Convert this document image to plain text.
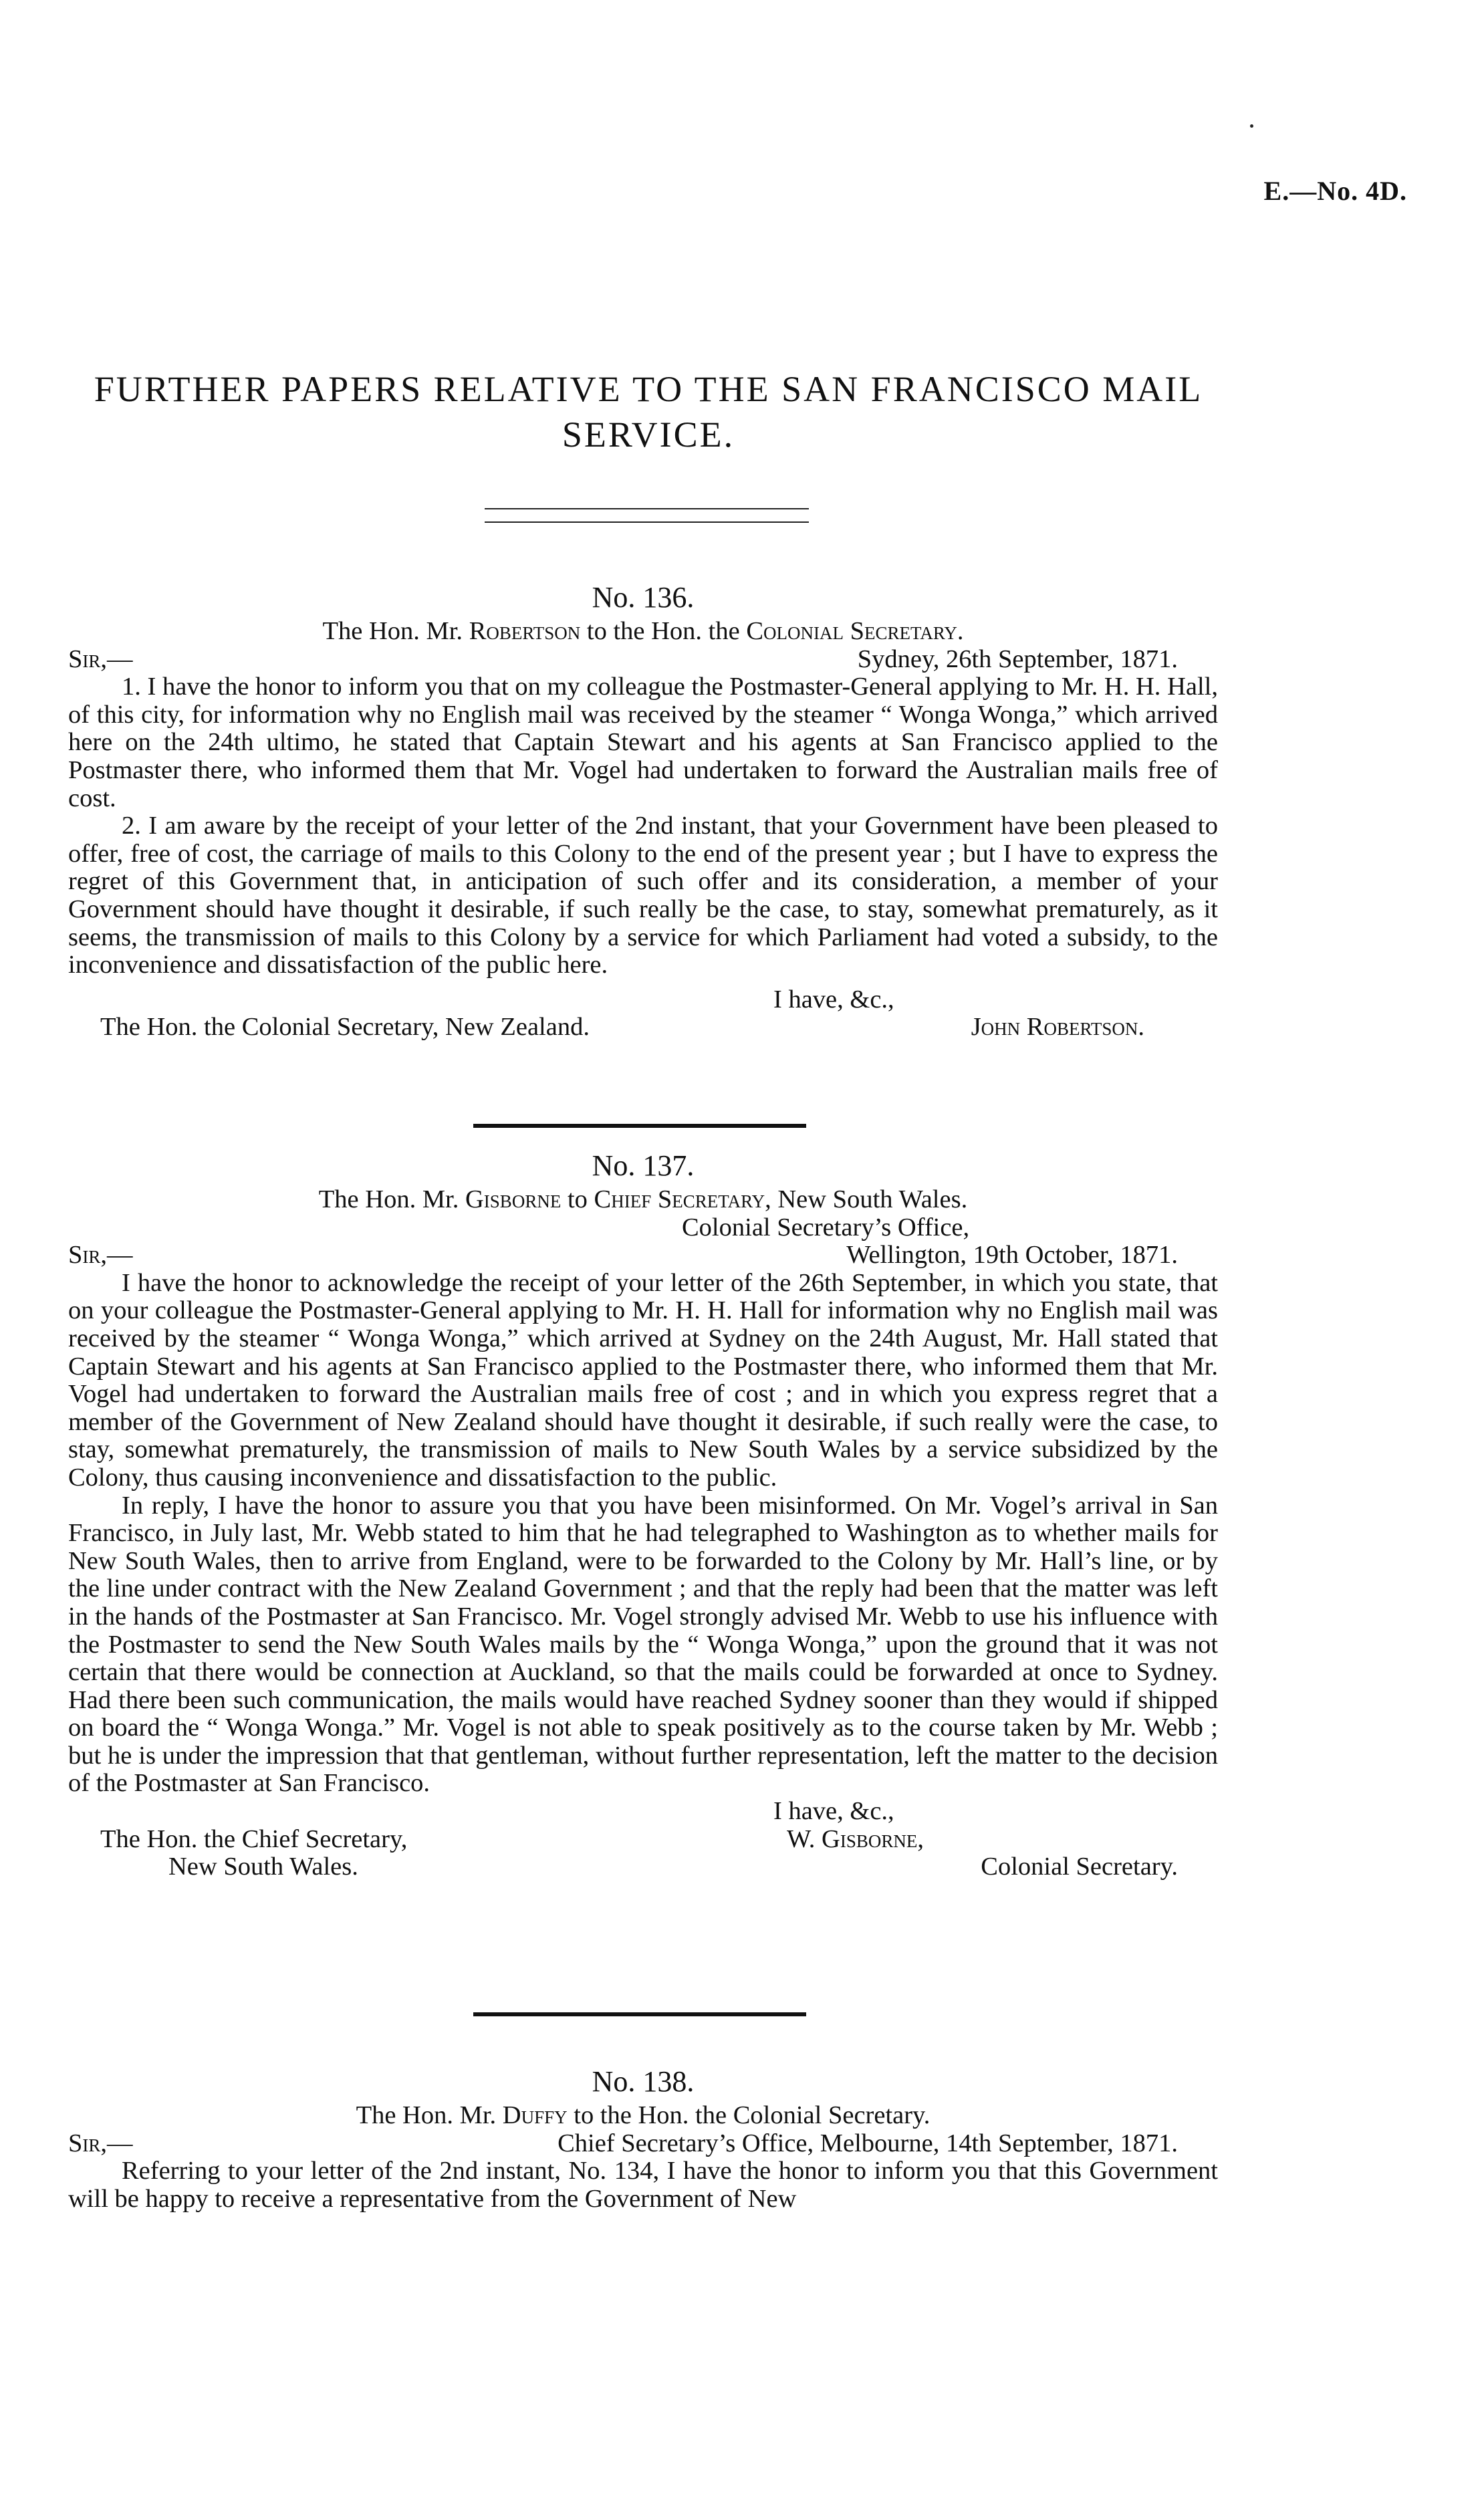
E.—No. 4D.
FURTHER PAPERS RELATIVE TO THE SAN FRANCISCO MAIL SERVICE.
No. 136.
The Hon. Mr. Robertson to the Hon. the Colonial Secretary.
Sir,—	Sydney, 26th September, 1871.

1. I have the honor to inform you that on my colleague the Postmaster-General applying to Mr. H. H. Hall, of this city, for information why no English mail was received by the steamer “ Wonga Wonga,” which arrived here on the 24th ultimo, he stated that Captain Stewart and his agents at San Francisco applied to the Postmaster there, who informed them that Mr. Vogel had undertaken to forward the Australian mails free of cost.

2. I am aware by the receipt of your letter of the 2nd instant, that your Government have been pleased to offer, free of cost, the carriage of mails to this Colony to the end of the present year ; but I have to express the regret of this Government that, in anticipation of such offer and its consideration, a member of your Government should have thought it desirable, if such really be the case, to stay, somewhat prematurely, as it seems, the transmission of mails to this Colony by a service for which Parliament had voted a subsidy, to the inconvenience and dissatisfaction of the public here.

I have, &c.,
The Hon. the Colonial Secretary, New Zealand.	John Robertson.
No. 137.
The Hon. Mr. Gisborne to Chief Secretary, New South Wales.
Colonial Secretary’s Office,
Sir,—	Wellington, 19th October, 1871.

I have the honor to acknowledge the receipt of your letter of the 26th September, in which you state, that on your colleague the Postmaster-General applying to Mr. H. H. Hall for information why no English mail was received by the steamer “ Wonga Wonga,” which arrived at Sydney on the 24th August, Mr. Hall stated that Captain Stewart and his agents at San Francisco applied to the Postmaster there, who informed them that Mr. Vogel had undertaken to forward the Australian mails free of cost ; and in which you express regret that a member of the Government of New Zealand should have thought it desirable, if such really were the case, to stay, somewhat prematurely, the transmission of mails to New South Wales by a service subsidized by the Colony, thus causing inconvenience and dissatisfaction to the public.

In reply, I have the honor to assure you that you have been misinformed. On Mr. Vogel’s arrival in San Francisco, in July last, Mr. Webb stated to him that he had telegraphed to Washington as to whether mails for New South Wales, then to arrive from England, were to be forwarded to the Colony by Mr. Hall’s line, or by the line under contract with the New Zealand Government ; and that the reply had been that the matter was left in the hands of the Postmaster at San Francisco. Mr. Vogel strongly advised Mr. Webb to use his influence with the Postmaster to send the New South Wales mails by the “ Wonga Wonga,” upon the ground that it was not certain that there would be connection at Auckland, so that the mails could be forwarded at once to Sydney. Had there been such communication, the mails would have reached Sydney sooner than they would if shipped on board the “ Wonga Wonga.” Mr. Vogel is not able to speak positively as to the course taken by Mr. Webb ; but he is under the impression that that gentleman, without further representation, left the matter to the decision of the Postmaster at San Francisco.

I have, &c.,
The Hon. the Chief Secretary,	W. Gisborne,
New South Wales.	Colonial Secretary.
No. 138.
The Hon. Mr. Duffy to the Hon. the Colonial Secretary.
Sir,—	Chief Secretary’s Office, Melbourne, 14th September, 1871.

Referring to your letter of the 2nd instant, No. 134, I have the honor to inform you that this Government will be happy to receive a representative from the Government of New
